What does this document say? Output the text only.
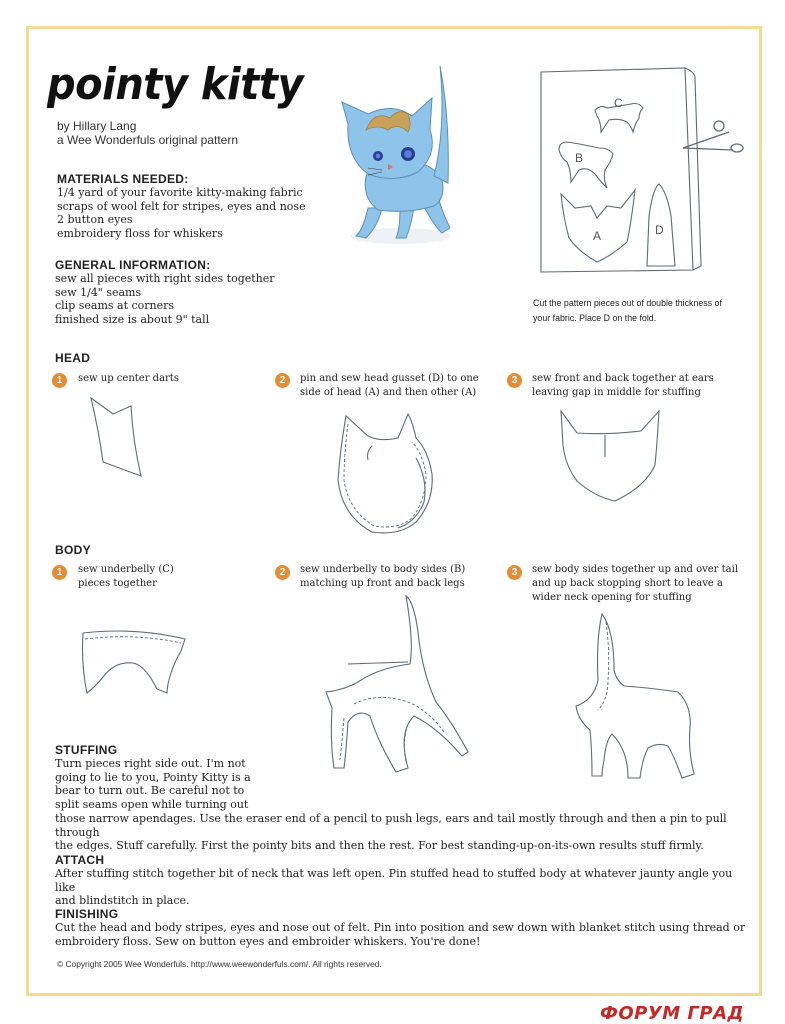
pointy kitty
by Hillary Lang
a Wee Wonderfuls original pattern
MATERIALS NEEDED:
1/4 yard of your favorite kitty-making fabric
scraps of wool felt for stripes, eyes and nose
2 button eyes
embroidery floss for whiskers
GENERAL INFORMATION:
sew all pieces with right sides together
sew 1/4" seams
clip seams at corners
finished size is about 9" tall
C
B
A	D
Cut the pattern pieces out of double thickness of your fabric. Place D on the fold.
HEAD
1	sew up center darts	2	pin and sew head gusset (D) to one side of head (A) and then other (A)
3	sew front and back together at ears leaving gap in middle for stuffing
BODY
1	sew underbelly (C) pieces together
2	sew underbelly to body sides (B) matching up front and back legs
3	sew body sides together up and over tail and up back stopping short to leave a wider neck opening for stuffing
STUFFING
Turn pieces right side out. I'm not
going to lie to you, Pointy Kitty is a
bear to turn out. Be careful not to
split seams open while turning out
those narrow apendages. Use the eraser end of a pencil to push legs, ears and tail mostly through and then a pin to pull through
the edges. Stuff carefully. First the pointy bits and then the rest. For best standing-up-on-its-own results stuff firmly.
ATTACH
After stuffing stitch together bit of neck that was left open. Pin stuffed head to stuffed body at whatever jaunty angle you like
and blindstitch in place.
FINISHING
Cut the head and body stripes, eyes and nose out of felt. Pin into position and sew down with blanket stitch using thread or
embroidery floss. Sew on button eyes and embroider whiskers. You're done!
© Copyright 2005 Wee Wonderfuls. http://www.weewonderfuls.com/. All rights reserved.
ФОРУМ ГРАД
